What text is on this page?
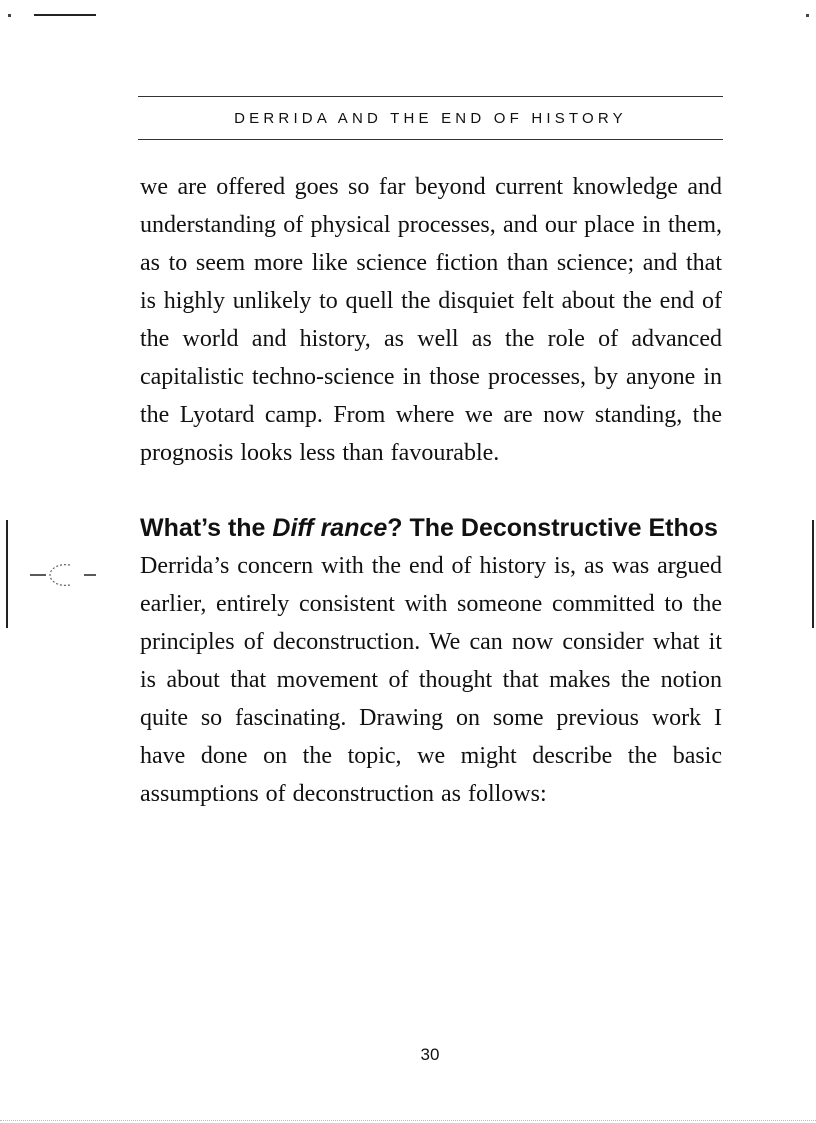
DERRIDA AND THE END OF HISTORY

we are offered goes so far beyond current knowledge and understanding of physical processes, and our place in them, as to seem more like science fiction than science; and that is highly unlikely to quell the disquiet felt about the end of the world and history, as well as the role of advanced capitalistic techno-science in those processes, by anyone in the Lyotard camp. From where we are now standing, the prognosis looks less than favourable.

What’s the Diff rance? The Deconstructive Ethos

Derrida’s concern with the end of history is, as was argued earlier, entirely consistent with someone committed to the principles of deconstruction. We can now consider what it is about that movement of thought that makes the notion quite so fascinating. Drawing on some previous work I have done on the topic, we might describe the basic assumptions of deconstruction as follows:

30
